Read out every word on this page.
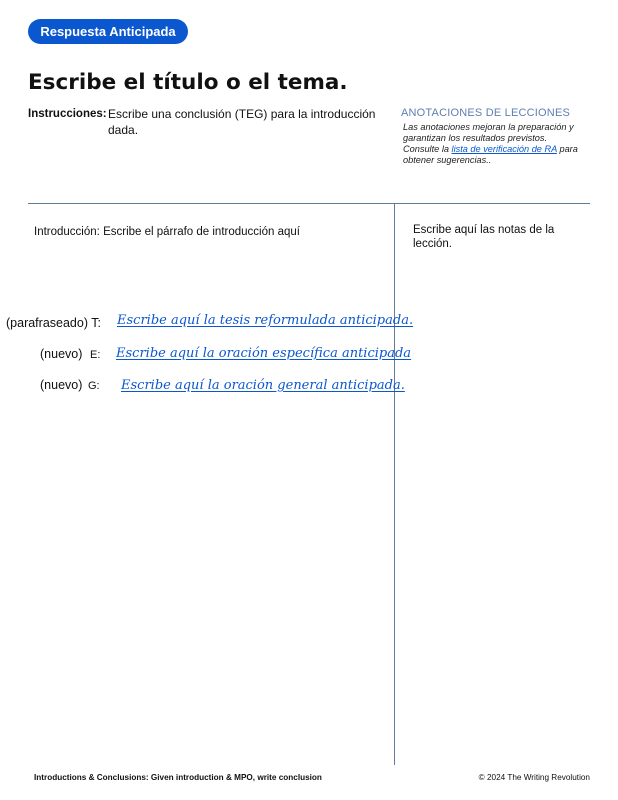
Respuesta Anticipada
Escribe el título o el tema.
Instrucciones: Escribe una conclusión (TEG) para la introducción dada.
ANOTACIONES DE LECCIONES
Las anotaciones mejoran la preparación y garantizan los resultados previstos. Consulte la lista de verificación de RA para obtener sugerencias..
Introducción: Escribe el párrafo de introducción aquí	Escribe aquí las notas de la lección.
(parafraseado) T: Escribe aquí la tesis reformulada anticipada.
(nuevo) E: Escribe aquí la oración específica anticipada
(nuevo) G: Escribe aquí la oración general anticipada.
Introductions & Conclusions: Given introduction & MPO, write conclusion	© 2024 The Writing Revolution
